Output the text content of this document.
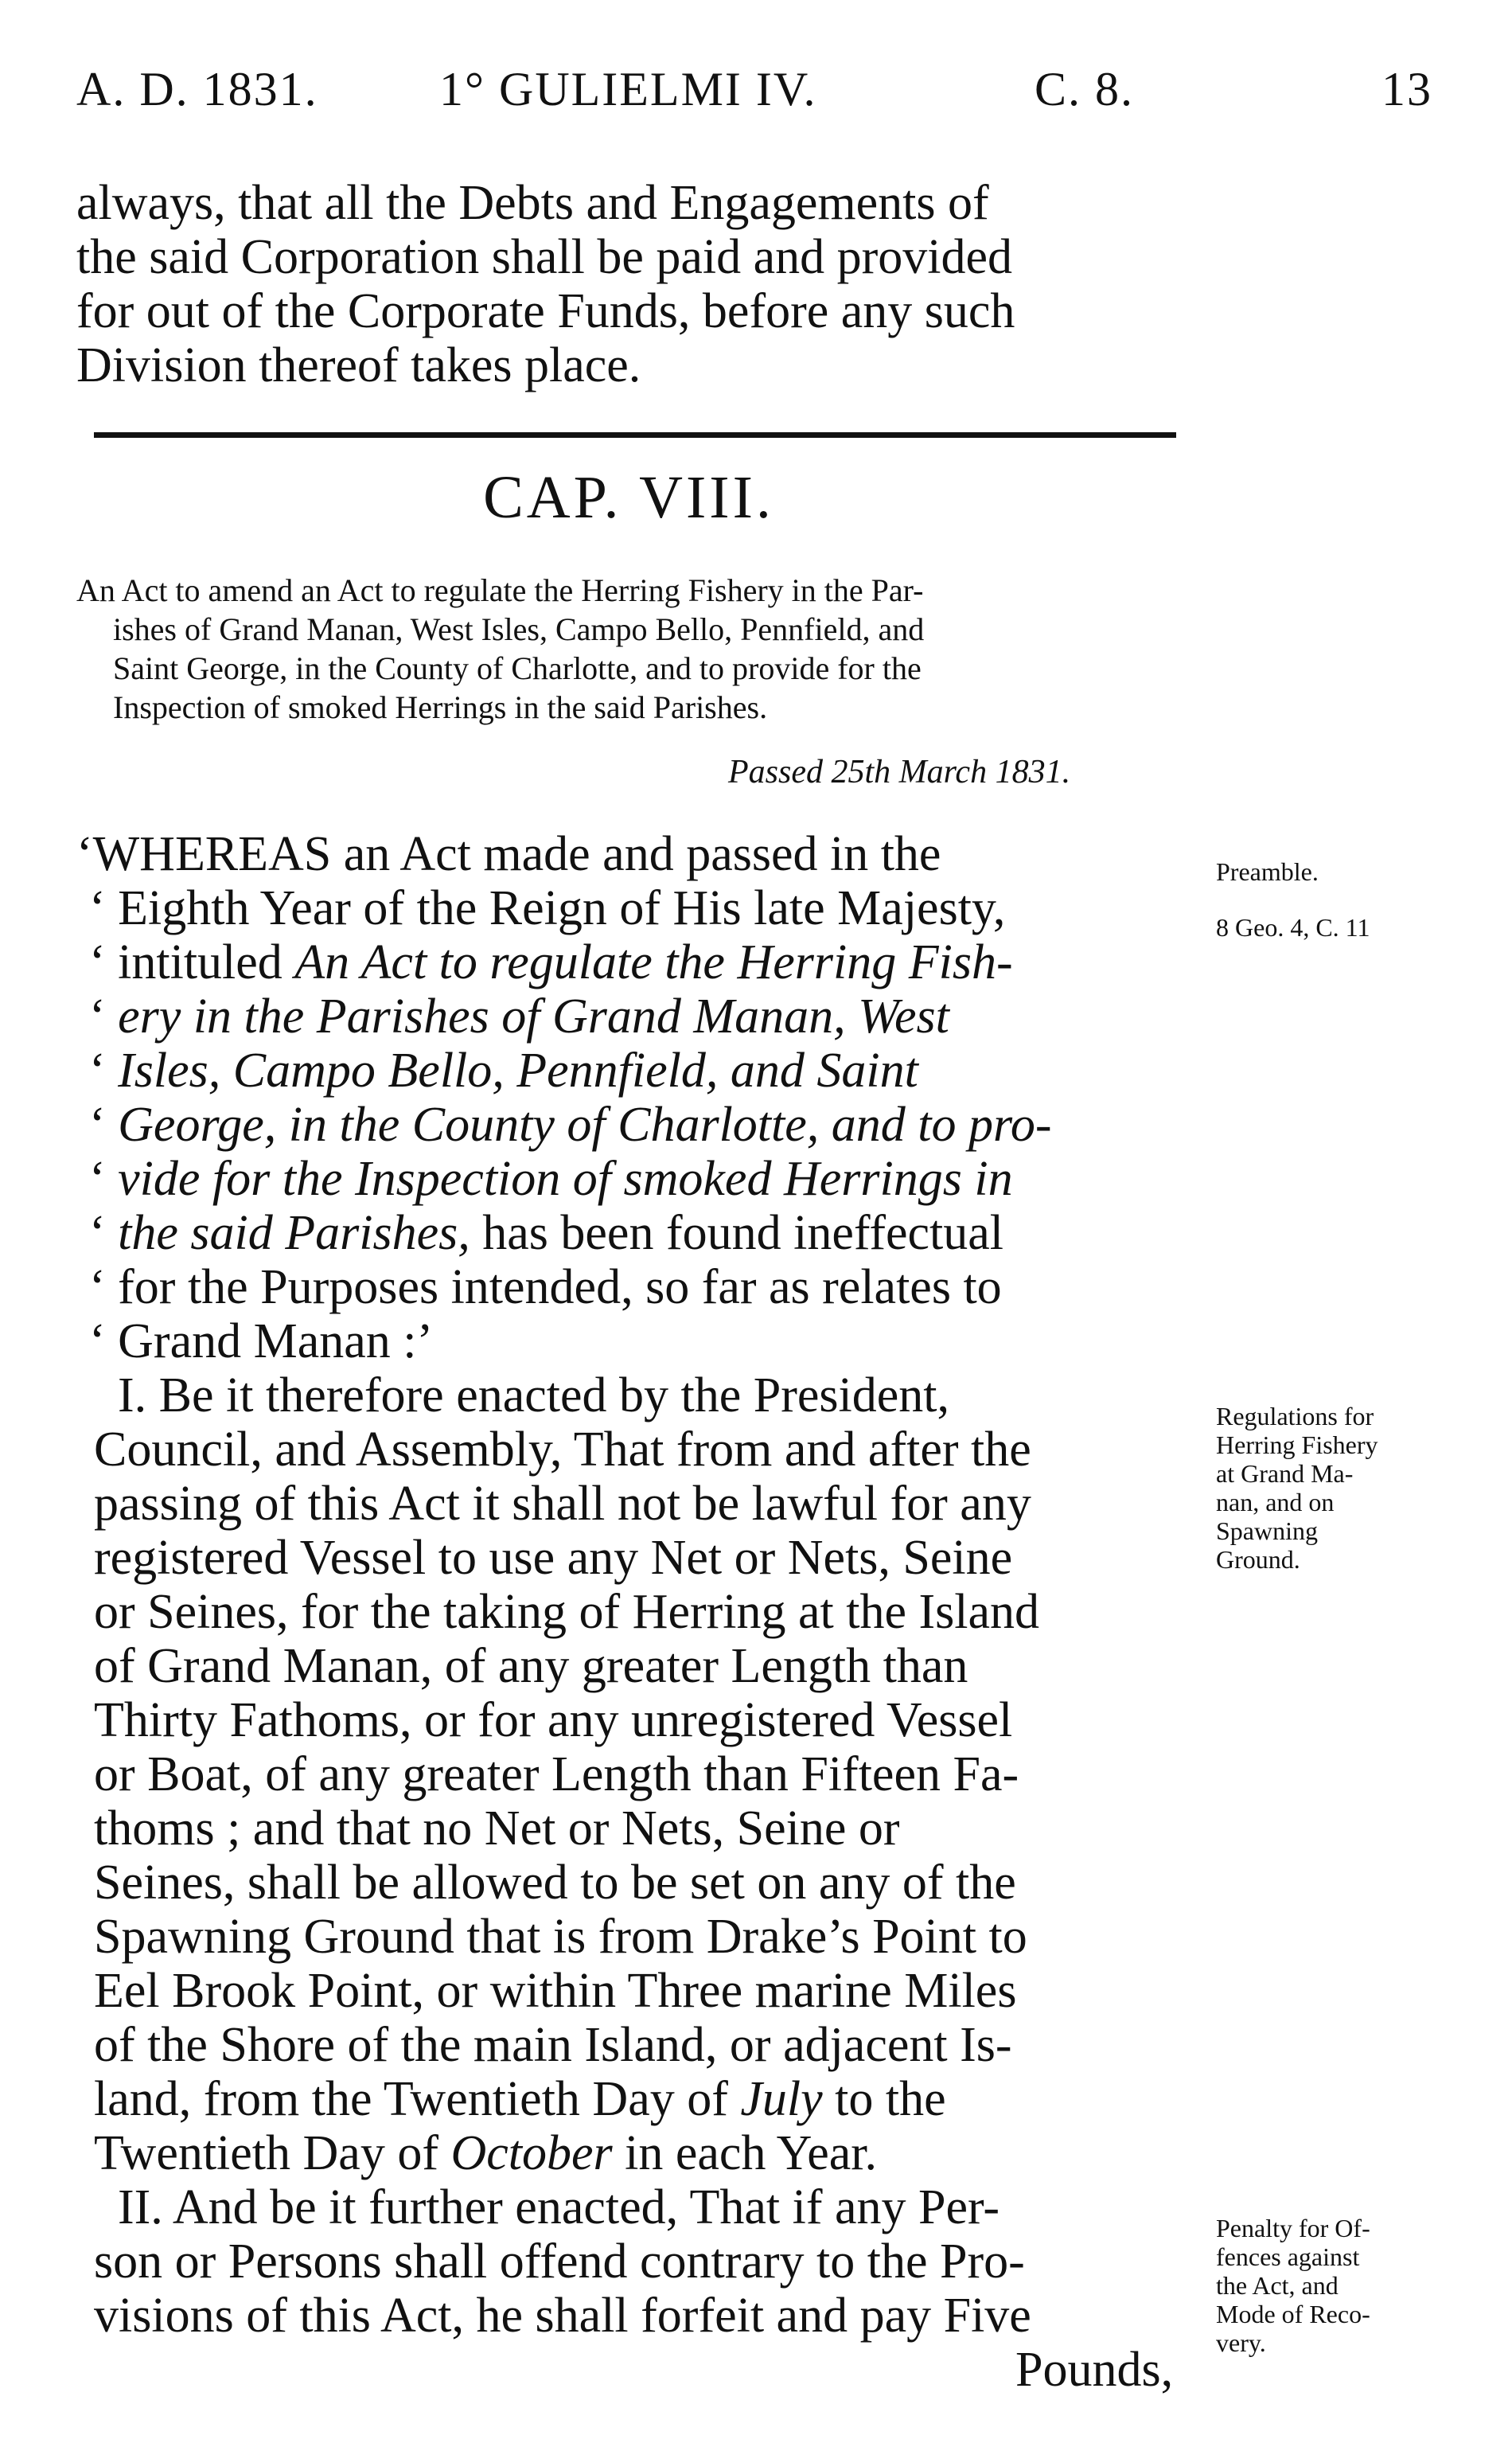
A. D. 1831.	1° GULIELMI IV.	C. 8.	13
always, that all the Debts and Engagements of
the said Corporation shall be paid and provided
for out of the Corporate Funds, before any such
Division thereof takes place.
CAP. VIII.
An Act to amend an Act to regulate the Herring Fishery in the Par-
ishes of Grand Manan, West Isles, Campo Bello, Pennfield, and
Saint George, in the County of Charlotte, and to provide for the
Inspection of smoked Herrings in the said Parishes.
Passed 25th March 1831.
‘WHEREAS an Act made and passed in the
‘ Eighth Year of the Reign of His late Majesty,
‘ intituled An Act to regulate the Herring Fish-
‘ ery in the Parishes of Grand Manan, West
‘ Isles, Campo Bello, Pennfield, and Saint
‘ George, in the County of Charlotte, and to pro-
‘ vide for the Inspection of smoked Herrings in
‘ the said Parishes, has been found ineffectual
‘ for the Purposes intended, so far as relates to
‘ Grand Manan :’
I. Be it therefore enacted by the President,
Council, and Assembly, That from and after the
passing of this Act it shall not be lawful for any
registered Vessel to use any Net or Nets, Seine
or Seines, for the taking of Herring at the Island
of Grand Manan, of any greater Length than
Thirty Fathoms, or for any unregistered Vessel
or Boat, of any greater Length than Fifteen Fa-
thoms ; and that no Net or Nets, Seine or
Seines, shall be allowed to be set on any of the
Spawning Ground that is from Drake’s Point to
Eel Brook Point, or within Three marine Miles
of the Shore of the main Island, or adjacent Is-
land, from the Twentieth Day of July to the
Twentieth Day of October in each Year.
II. And be it further enacted, That if any Per-
son or Persons shall offend contrary to the Pro-
visions of this Act, he shall forfeit and pay Five
Pounds,
Preamble.
8 Geo. 4, C. 11
Regulations for
Herring Fishery
at Grand Ma-
nan, and on
Spawning
Ground.
Penalty for Of-
fences against
the Act, and
Mode of Reco-
very.
